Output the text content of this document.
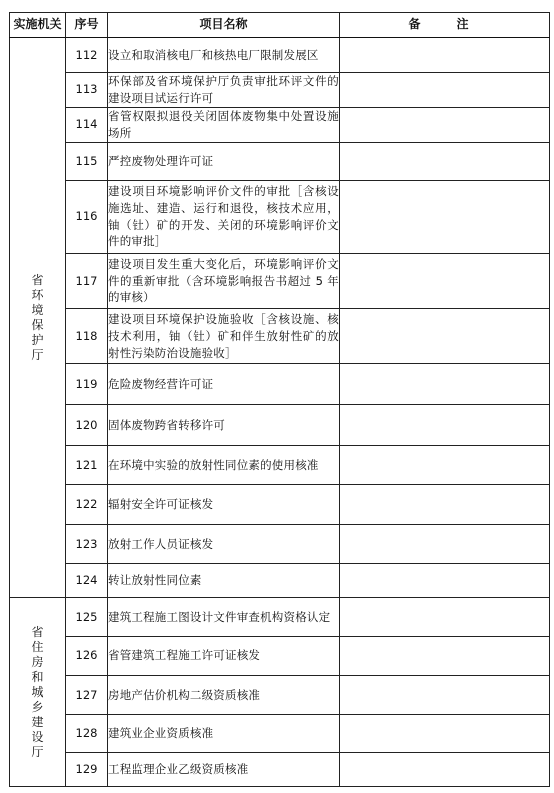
实施机关	序号	项目名称	备　注
省环境保护厅	112	设立和取消核电厂和核热电厂限制发展区	
	113	环保部及省环境保护厅负责审批环评文件的建设项目试运行许可	
	114	省管权限拟退役关闭固体废物集中处置设施场所	
	115	严控废物处理许可证	
	116	建设项目环境影响评价文件的审批［含核设施选址、建造、运行和退役，核技术应用，铀（钍）矿的开发、关闭的环境影响评价文件的审批］	
	117	建设项目发生重大变化后，环境影响评价文件的重新审批（含环境影响报告书超过 5 年的审核）	
	118	建设项目环境保护设施验收［含核设施、核技术利用，铀（钍）矿和伴生放射性矿的放射性污染防治设施验收］	
	119	危险废物经营许可证	
	120	固体废物跨省转移许可	
	121	在环境中实验的放射性同位素的使用核准	
	122	辐射安全许可证核发	
	123	放射工作人员证核发	
	124	转让放射性同位素	
省住房和城乡建设厅	125	建筑工程施工图设计文件审查机构资格认定	
	126	省管建筑工程施工许可证核发	
	127	房地产估价机构二级资质核准	
	128	建筑业企业资质核准	
	129	工程监理企业乙级资质核准	
